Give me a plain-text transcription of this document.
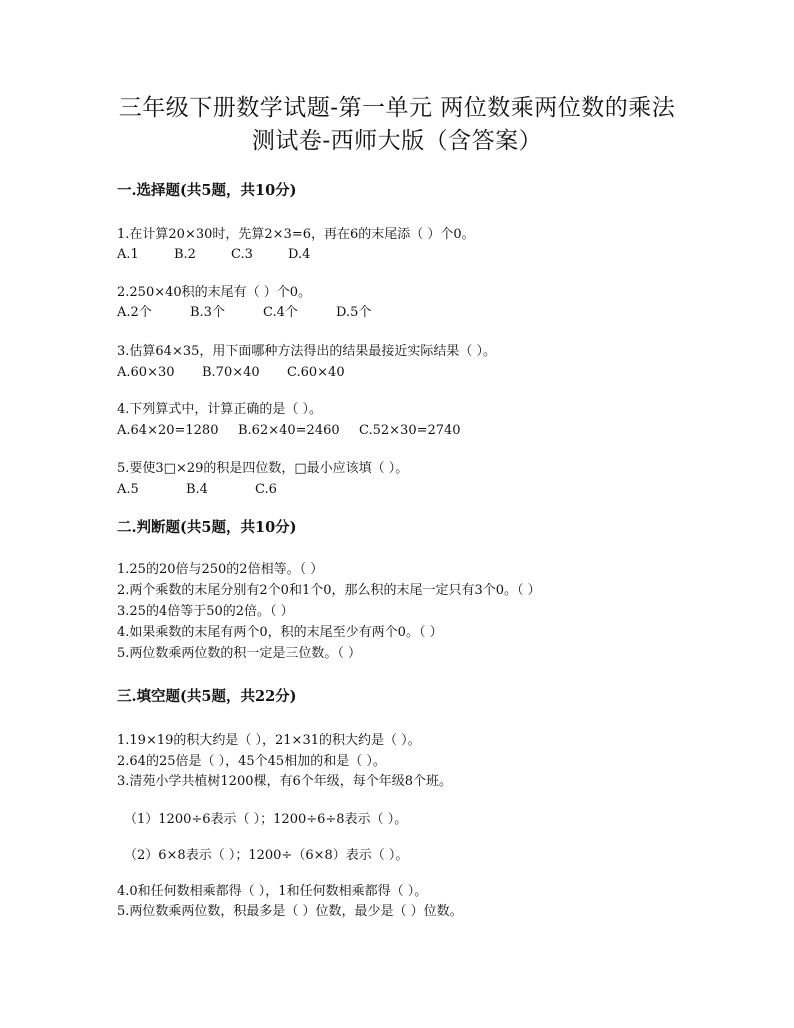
三年级下册数学试题-第一单元 两位数乘两位数的乘法
测试卷-西师大版（含答案）
一.选择题(共5题，共10分)
1.在计算20×30时，先算2×3=6，再在6的末尾添（ ）个0。
A.1	B.2	C.3	D.4
2.250×40积的末尾有（ ）个0。
A.2个	B.3个	C.4个	D.5个
3.估算64×35，用下面哪种方法得出的结果最接近实际结果（ ）。
A.60×30 B.70×40 C.60×40
4.下列算式中，计算正确的是（ ）。
A.64×20=1280 B.62×40=2460 C.52×30=2740
5.要使3□×29的积是四位数，□最小应该填（ ）。
A.5	B.4	C.6
二.判断题(共5题，共10分)
1.25的20倍与250的2倍相等。（ ）
2.两个乘数的末尾分别有2个0和1个0，那么积的末尾一定只有3个0。（ ）
3.25的4倍等于50的2倍。（ ）
4.如果乘数的末尾有两个0，积的末尾至少有两个0。（ ）
5.两位数乘两位数的积一定是三位数。（ ）
三.填空题(共5题，共22分)
1.19×19的积大约是（ ），21×31的积大约是（ ）。
2.64的25倍是（ ），45个45相加的和是（ ）。
3.清苑小学共植树1200棵，有6个年级，每个年级8个班。
（1）1200÷6表示（ ）；1200÷6÷8表示（ ）。
（2）6×8表示（ ）；1200÷（6×8）表示（ ）。
4.0和任何数相乘都得（ ），1和任何数相乘都得（ ）。
5.两位数乘两位数，积最多是（ ）位数，最少是（ ）位数。
